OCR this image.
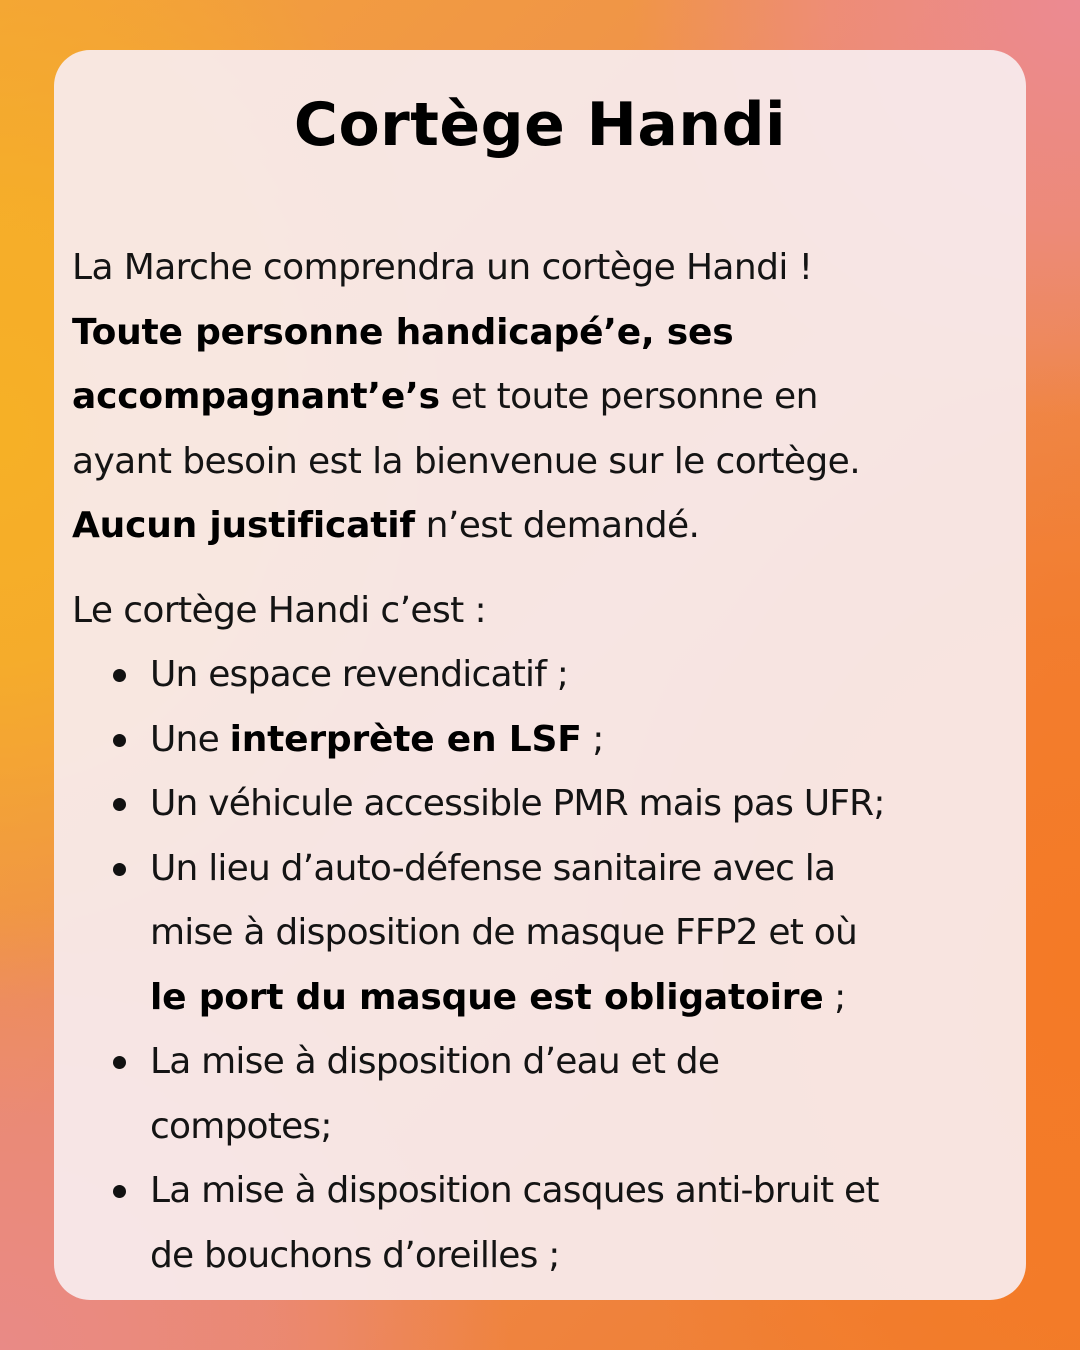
Cortège Handi

La Marche comprendra un cortège Handi !
Toute personne handicapé’e, ses
accompagnant’e’s et toute personne en
ayant besoin est la bienvenue sur le cortège.
Aucun justificatif n’est demandé.

Le cortège Handi c’est :

Un espace revendicatif ;
Une interprète en LSF ;
Un véhicule accessible PMR mais pas UFR;
Un lieu d’auto-défense sanitaire avec la
mise à disposition de masque FFP2 et où
le port du masque est obligatoire ;
La mise à disposition d’eau et de
compotes;
La mise à disposition casques anti-bruit et
de bouchons d’oreilles ;
